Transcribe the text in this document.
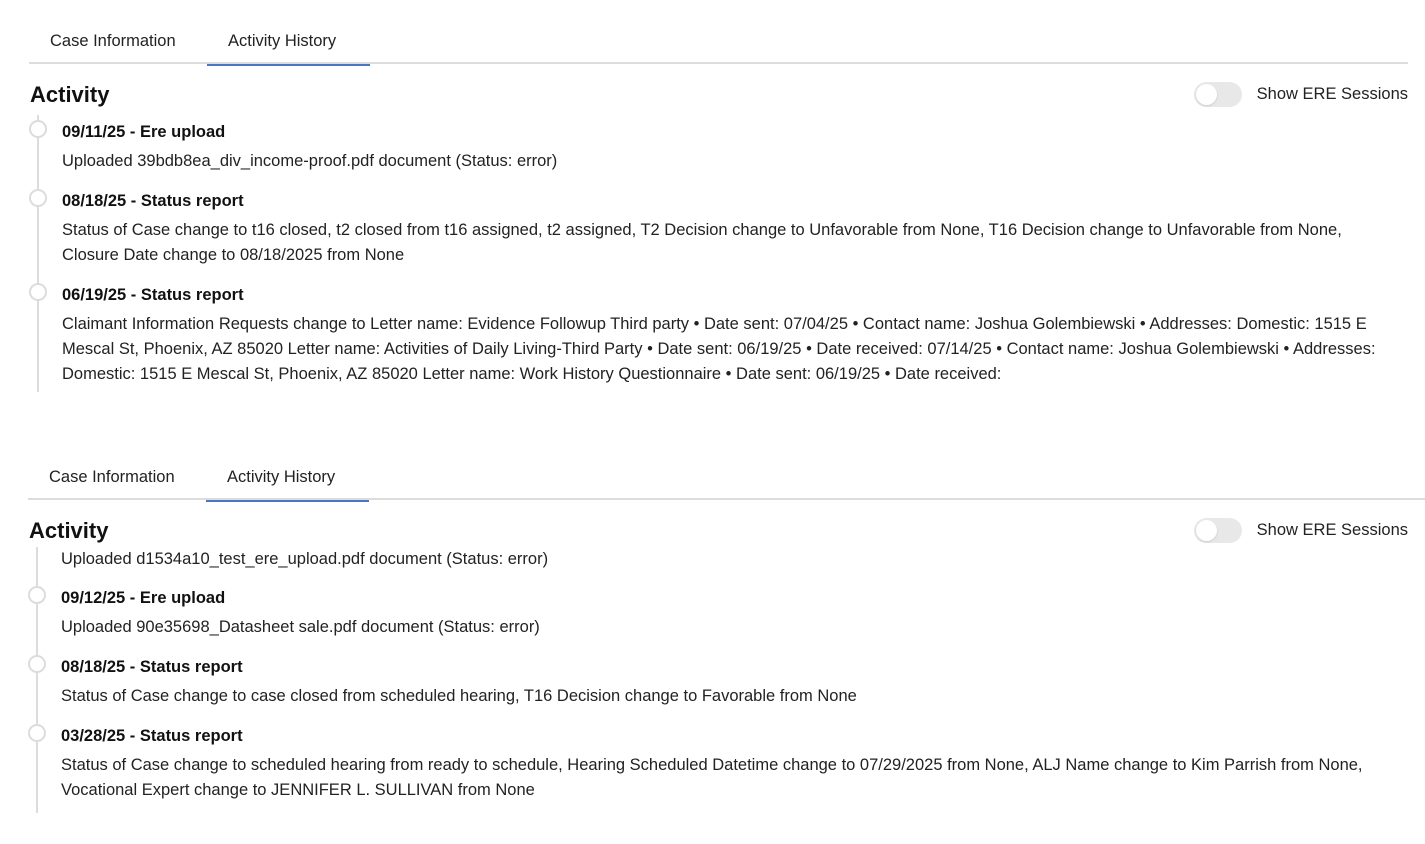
Case Information	Activity History
Activity	Show ERE Sessions
09/11/25 - Ere upload
Uploaded 39bdb8ea_div_income-proof.pdf document (Status: error)
08/18/25 - Status report
Status of Case change to t16 closed, t2 closed from t16 assigned, t2 assigned, T2 Decision change to Unfavorable from None, T16 Decision change to Unfavorable from None, Closure Date change to 08/18/2025 from None
06/19/25 - Status report
Claimant Information Requests change to Letter name: Evidence Followup Third party • Date sent: 07/04/25 • Contact name: Joshua Golembiewski • Addresses: Domestic: 1515 E Mescal St, Phoenix, AZ 85020 Letter name: Activities of Daily Living-Third Party • Date sent: 06/19/25 • Date received: 07/14/25 • Contact name: Joshua Golembiewski • Addresses: Domestic: 1515 E Mescal St, Phoenix, AZ 85020 Letter name: Work History Questionnaire • Date sent: 06/19/25 • Date received:
Case Information	Activity History
Activity	Show ERE Sessions
Uploaded d1534a10_test_ere_upload.pdf document (Status: error)
09/12/25 - Ere upload
Uploaded 90e35698_Datasheet sale.pdf document (Status: error)
08/18/25 - Status report
Status of Case change to case closed from scheduled hearing, T16 Decision change to Favorable from None
03/28/25 - Status report
Status of Case change to scheduled hearing from ready to schedule, Hearing Scheduled Datetime change to 07/29/2025 from None, ALJ Name change to Kim Parrish from None, Vocational Expert change to JENNIFER L. SULLIVAN from None
